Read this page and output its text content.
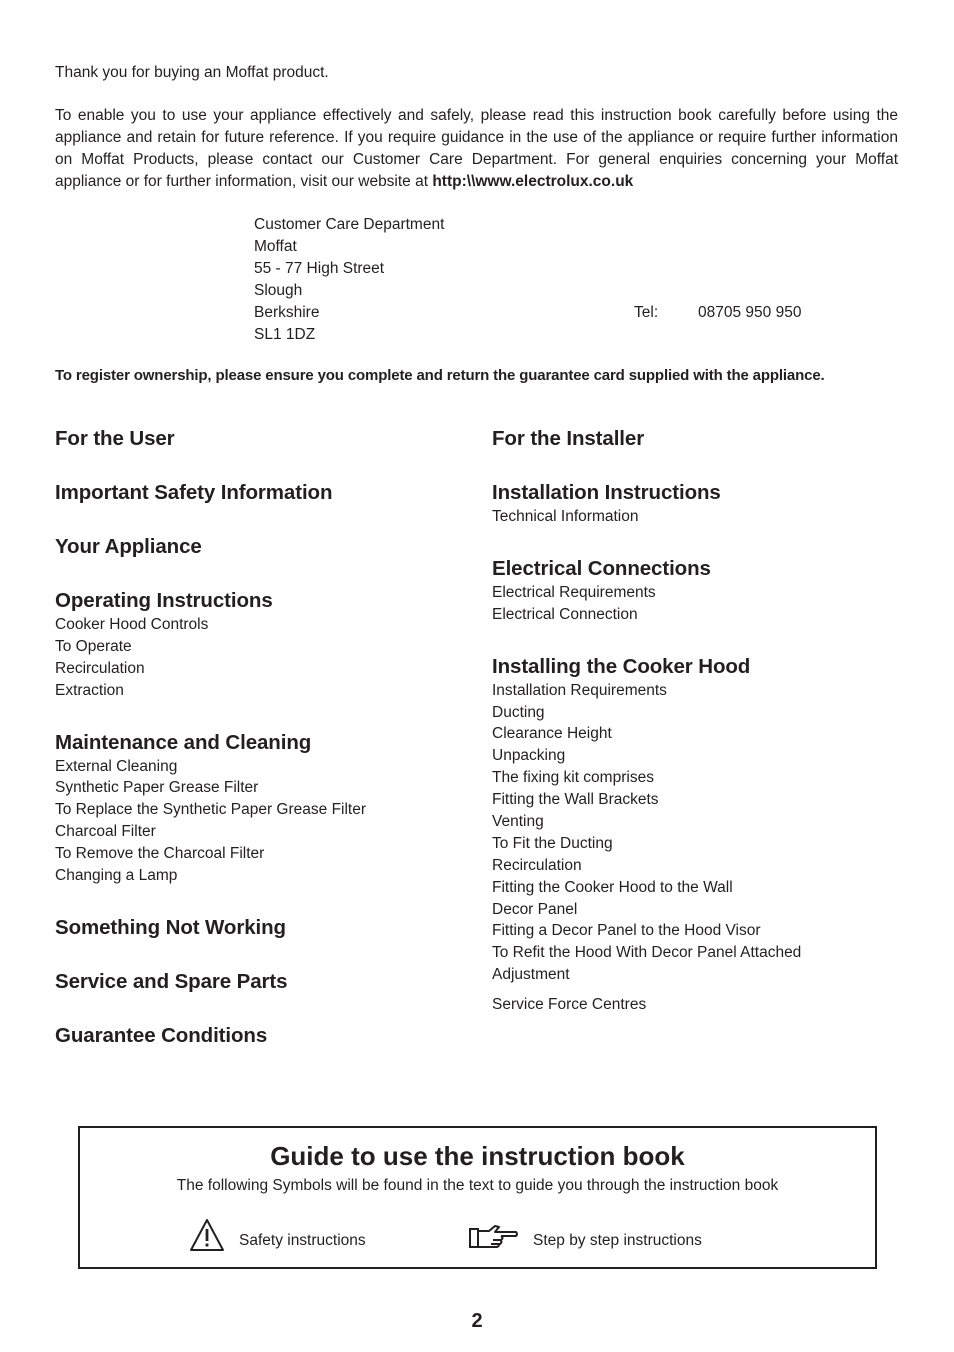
Thank you for buying an Moffat product.
To enable you to use your appliance effectively and safely, please read this instruction book carefully before using the appliance and retain for future reference. If you require guidance in the use of the appliance or require further information on Moffat Products, please contact our Customer Care Department. For general enquiries concerning your Moffat appliance or for further information, visit our website at http:\\www.electrolux.co.uk
Customer Care Department
Moffat
55 - 77 High Street
Slough
Berkshire
SL1 1DZ
Tel:	08705 950 950
To register ownership, please ensure you complete and return the guarantee card supplied with the appliance.
For the User
Important Safety Information
Your Appliance
Operating Instructions
Cooker Hood Controls
To Operate
Recirculation
Extraction
Maintenance and Cleaning
External Cleaning
Synthetic Paper Grease Filter
To Replace the Synthetic Paper Grease Filter
Charcoal Filter
To Remove the Charcoal Filter
Changing a Lamp
Something Not Working
Service and Spare Parts
Guarantee Conditions
For the Installer
Installation Instructions
Technical Information
Electrical Connections
Electrical Requirements
Electrical Connection
Installing the Cooker Hood
Installation Requirements
Ducting
Clearance Height
Unpacking
The fixing kit comprises
Fitting the Wall Brackets
Venting
To Fit the Ducting
Recirculation
Fitting the Cooker Hood to the Wall
Decor Panel
Fitting a Decor Panel to the Hood Visor
To Refit the Hood With Decor Panel Attached
Adjustment
Service Force Centres
Guide to use the instruction book
The following Symbols will be found in the text to guide you through the instruction book
Safety instructions	Step by step instructions
2
